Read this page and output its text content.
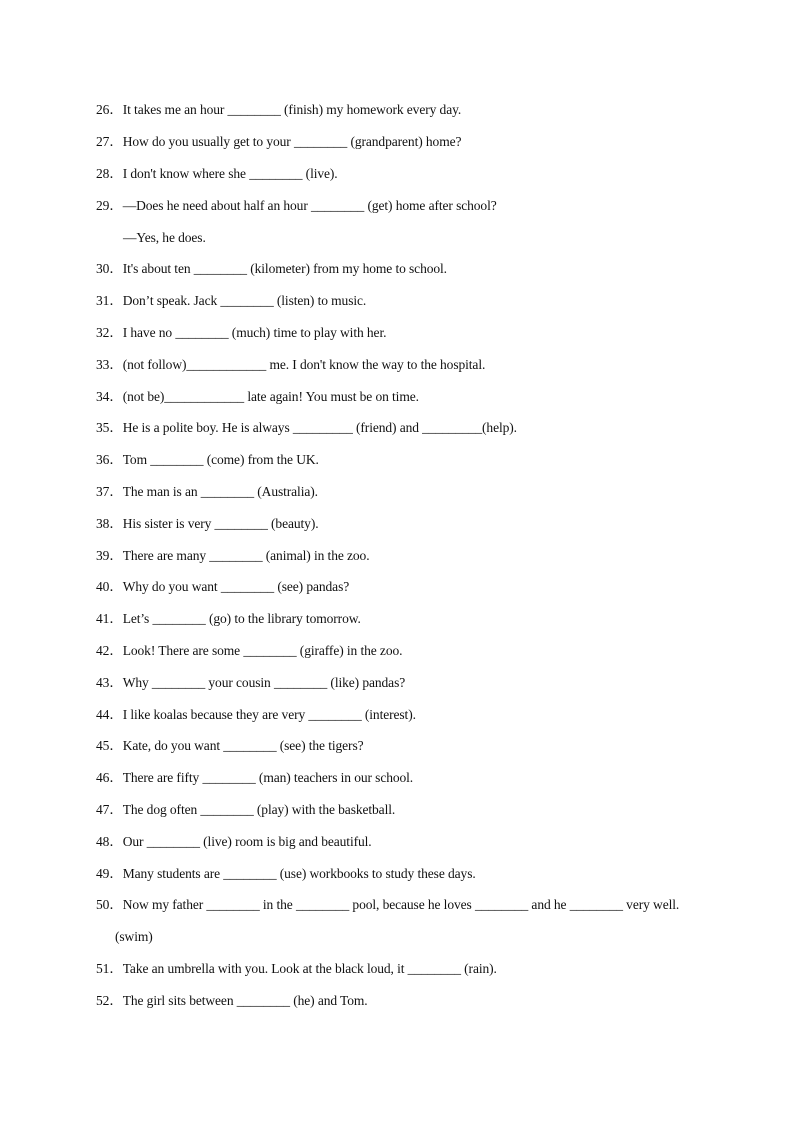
26．It takes me an hour ________ (finish) my homework every day.
27．How do you usually get to your ________ (grandparent) home?
28．I don't know where she ________ (live).
29．—Does he need about half an hour ________ (get) home after school?
—Yes, he does.
30．It's about ten ________ (kilometer) from my home to school.
31．Don’t speak. Jack ________ (listen) to music.
32．I have no ________ (much) time to play with her.
33．(not follow)____________ me. I don't know the way to the hospital.
34．(not be)____________ late again! You must be on time.
35．He is a polite boy. He is always _________ (friend) and _________(help).
36．Tom ________ (come) from the UK.
37．The man is an ________ (Australia).
38．His sister is very ________ (beauty).
39．There are many ________ (animal) in the zoo.
40．Why do you want ________ (see) pandas?
41．Let’s ________ (go) to the library tomorrow.
42．Look! There are some ________ (giraffe) in the zoo.
43．Why ________ your cousin ________ (like) pandas?
44．I like koalas because they are very ________ (interest).
45．Kate, do you want ________ (see) the tigers?
46．There are fifty ________ (man) teachers in our school.
47．The dog often ________ (play) with the basketball.
48．Our ________ (live) room is big and beautiful.
49．Many students are ________ (use) workbooks to study these days.
50．Now my father ________ in the ________ pool, because he loves ________ and he ________ very well.
(swim)
51．Take an umbrella with you. Look at the black loud, it ________ (rain).
52．The girl sits between ________ (he) and Tom.
